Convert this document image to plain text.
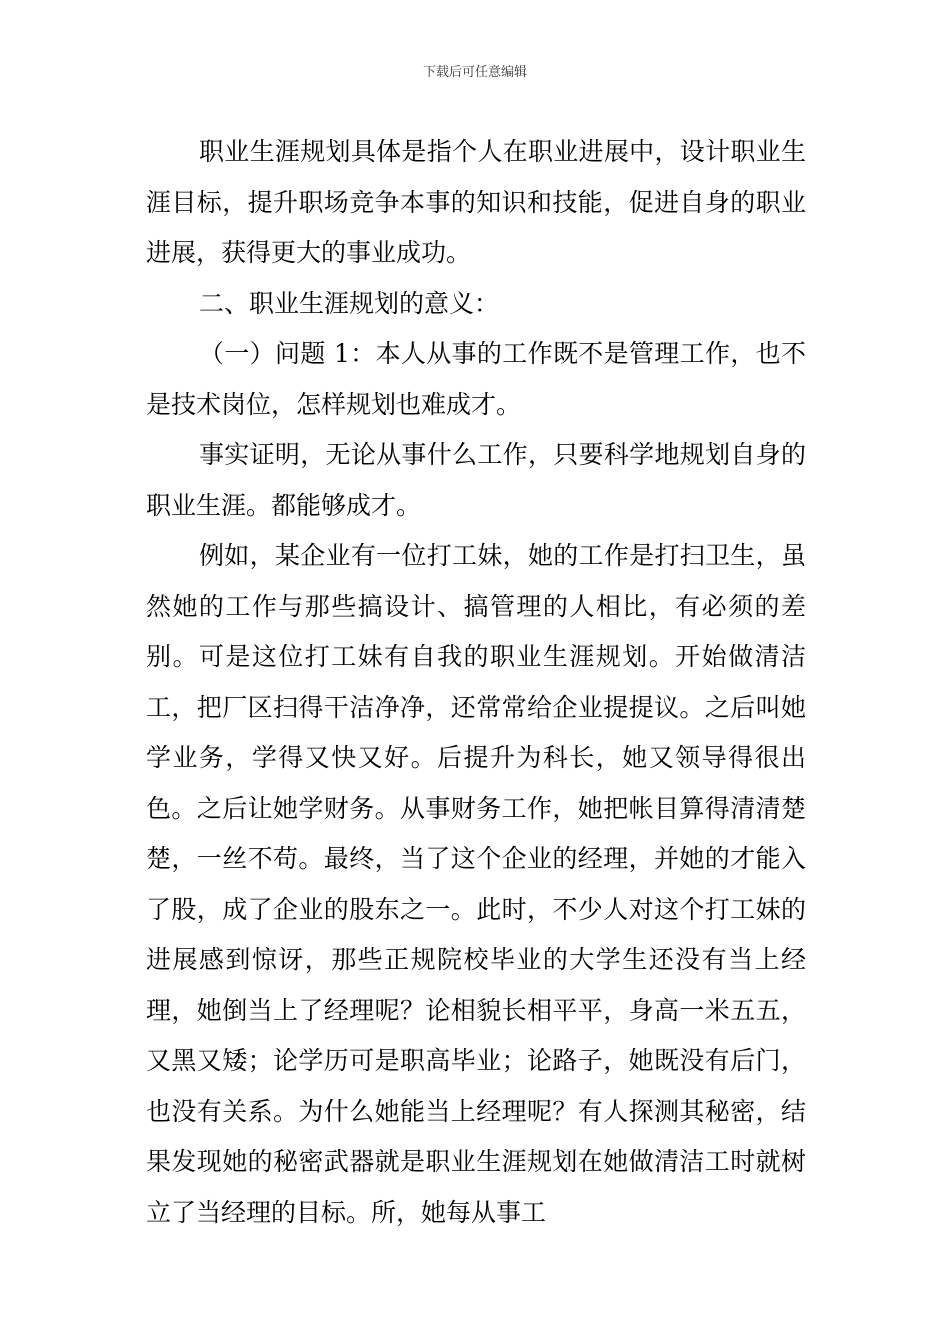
下载后可任意编辑

职业生涯规划具体是指个人在职业进展中，设计职业生涯目标，提升职场竞争本事的知识和技能，促进自身的职业进展，获得更大的事业成功。

二、职业生涯规划的意义：

（一）问题 1：本人从事的工作既不是管理工作，也不是技术岗位，怎样规划也难成才。

事实证明，无论从事什么工作，只要科学地规划自身的职业生涯。都能够成才。

例如，某企业有一位打工妹，她的工作是打扫卫生，虽然她的工作与那些搞设计、搞管理的人相比，有必须的差别。可是这位打工妹有自我的职业生涯规划。开始做清洁工，把厂区扫得干洁净净，还常常给企业提提议。之后叫她学业务，学得又快又好。后提升为科长，她又领导得很出色。之后让她学财务。从事财务工作，她把帐目算得清清楚楚，一丝不苟。最终，当了这个企业的经理，并她的才能入了股，成了企业的股东之一。此时，不少人对这个打工妹的进展感到惊讶，那些正规院校毕业的大学生还没有当上经理，她倒当上了经理呢？论相貌长相平平，身高一米五五，又黑又矮；论学历可是职高毕业；论路子，她既没有后门，也没有关系。为什么她能当上经理呢？有人探测其秘密，结果发现她的秘密武器就是职业生涯规划在她做清洁工时就树立了当经理的目标。所，她每从事工
